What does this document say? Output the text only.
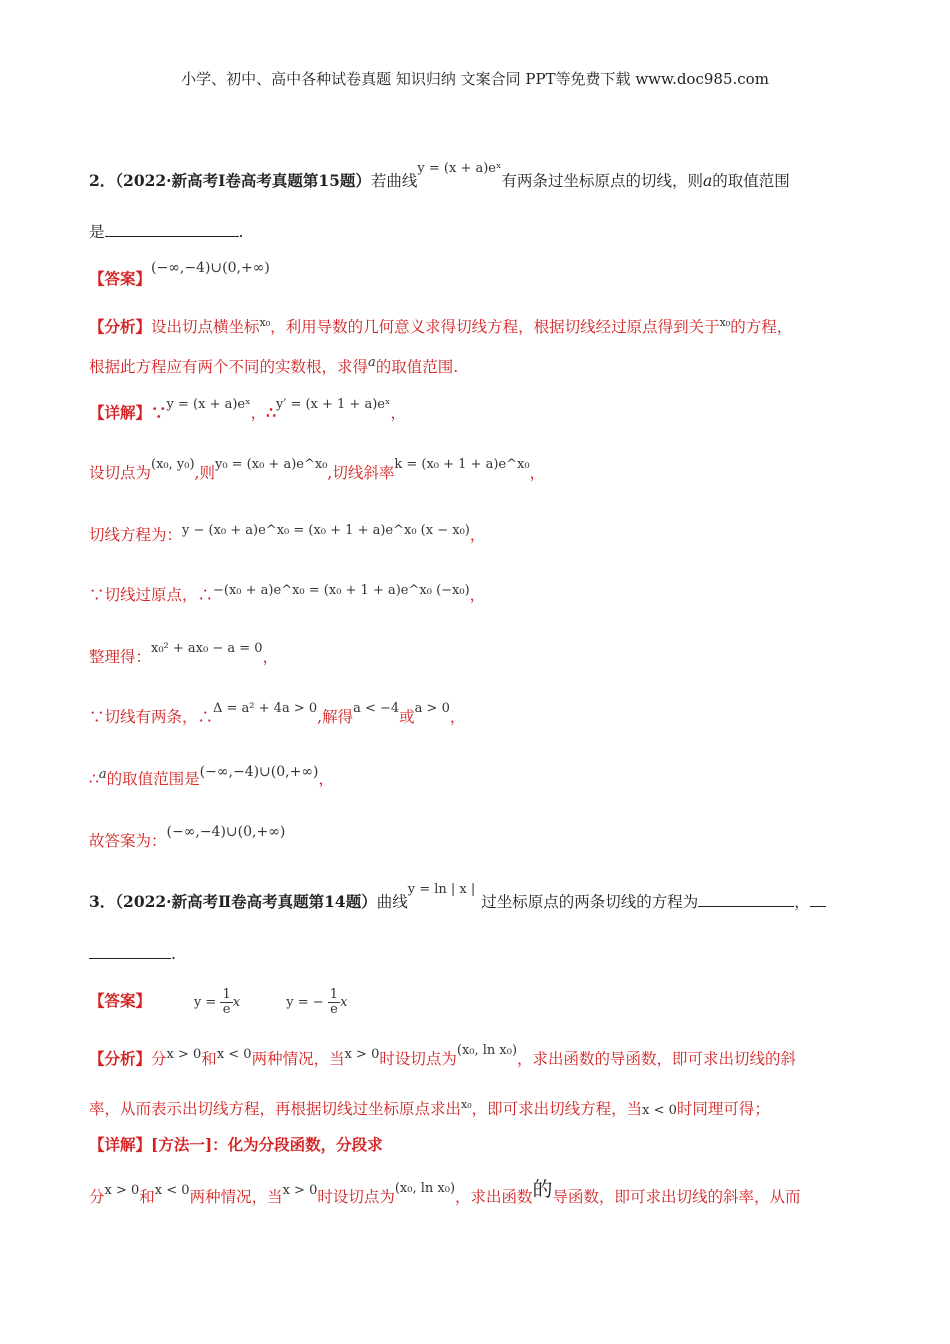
小学、初中、高中各种试卷真题 知识归纳 文案合同 PPT等免费下载 www.doc985.com
2．（2022·新高考Ⅰ卷高考真题第15题）若曲线$^{y = (x + a)eˣ}$有两条过坐标原点的切线，则a的取值范围
是	.
【答案】(−∞,−4)∪(0,+∞)
【分析】设出切点横坐标$^{x_0}$，利用导数的几何意义求得切线方程，根据切线经过原点得到关于$^{x_0}$的方程，
根据此方程应有两个不同的实数根，求得$^a$的取值范围.
【详解】∵$^{y = (x + a)eˣ}$，∴$^{y' = (x + 1 + a)eˣ}$，
设切点为$^{(x_0, y_0)}$,则$^{y_0 = (x_0 + a)e\^{}x_0}$,切线斜率$^{k = (x_0 + 1 + a)e\^{}x_0}$，
切线方程为：$^{y - (x_0 + a)e\^{}x_0 = (x_0 + 1 + a)e\^{}x_0 (x - x_0)}$，
∵切线过原点，∴$^{-(x_0 + a)e\^{}x_0 = (x_0 + 1 + a)e\^{}x_0 (-x_0)}$，
整理得：$^{x_0^2 + ax_0 - a = 0}$，
∵切线有两条，∴$^{\Delta = a^2 + 4a > 0}$,解得$^{a < -4}$或$^{a > 0}$，
∴$^a$的取值范围是(−∞,−4)∪(0,+∞)，
故答案为：(−∞,−4)∪(0,+∞)
3．（2022·新高考Ⅱ卷高考真题第14题）曲线$^{y = ln | x |}$过坐标原点的两条切线的方程为	，
.
【答案】	$y = \frac{1}{e}$ x	y = − $\frac{1}{e}$ x
【分析】分$^{x > 0}$和$^{x < 0}$两种情况，当$^{x > 0}$时设切点为$^{(x_0, ln x_0)}$，求出函数的导函数，即可求出切线的斜
率，从而表示出切线方程，再根据切线过坐标原点求出$^{x_0}$，即可求出切线方程，当x < 0时同理可得；
【详解】[方法一]：化为分段函数，分段求
分$^{x > 0}$和$^{x < 0}$两种情况，当$^{x > 0}$时设切点为$^{(x_0, ln x_0)}$，求出函数的导函数，即可求出切线的斜率，从而
